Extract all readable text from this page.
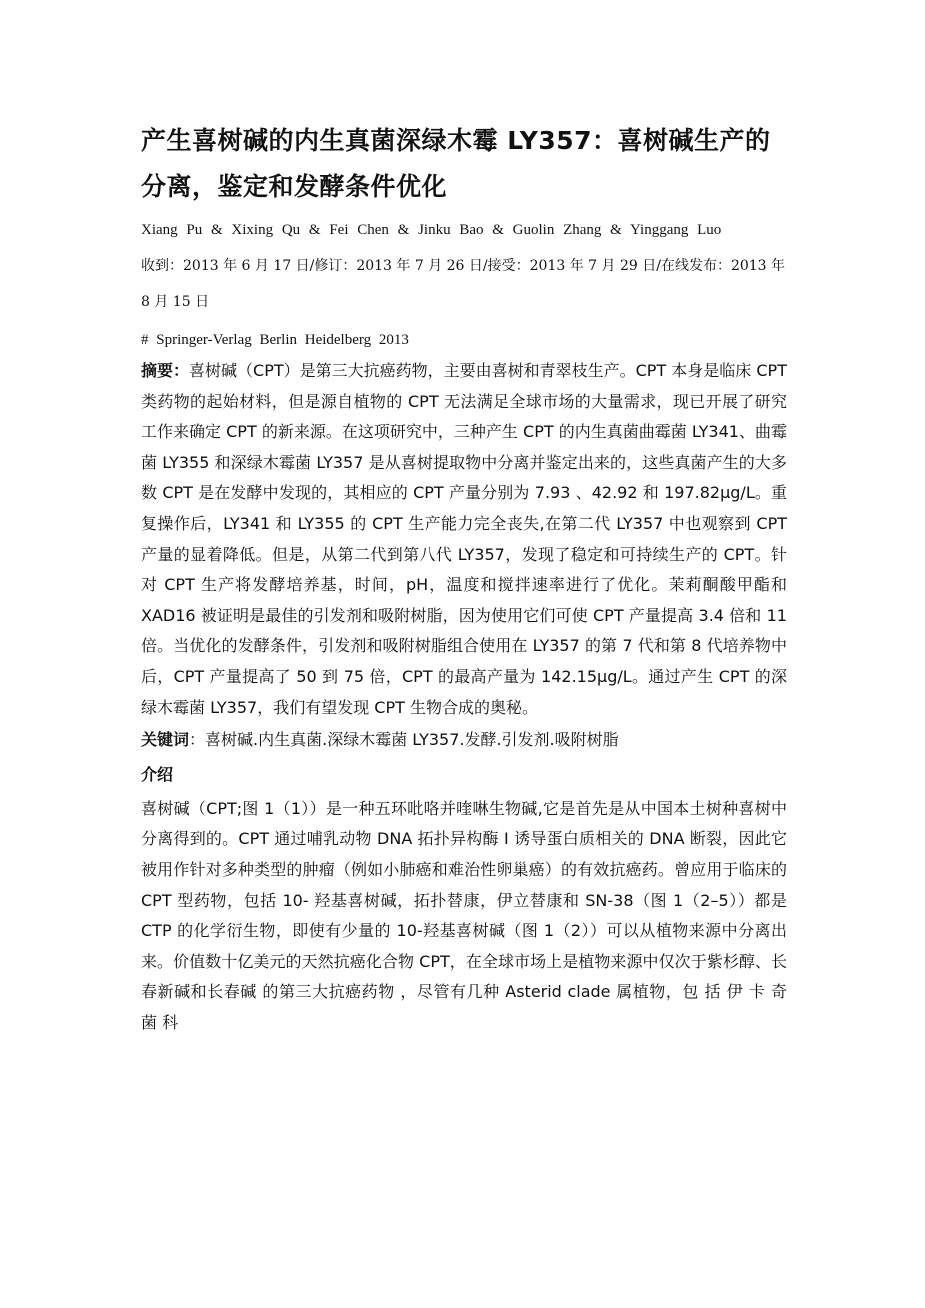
产生喜树碱的内生真菌深绿木霉 LY357：喜树碱生产的分离，鉴定和发酵条件优化
Xiang Pu & Xixing Qu & Fei Chen & Jinku Bao & Guolin Zhang & Yinggang Luo
收到：2013 年 6 月 17 日/修订：2013 年 7 月 26 日/接受：2013 年 7 月 29 日/在线发布：2013 年 8 月 15 日
# Springer-Verlag Berlin Heidelberg 2013

摘要：喜树碱（CPT）是第三大抗癌药物，主要由喜树和青翠枝生产。CPT 本身是临床 CPT 类药物的起始材料，但是源自植物的 CPT 无法满足全球市场的大量需求，现已开展了研究工作来确定 CPT 的新来源。在这项研究中，三种产生 CPT 的内生真菌曲霉菌 LY341、曲霉菌 LY355 和深绿木霉菌 LY357 是从喜树提取物中分离并鉴定出来的，这些真菌产生的大多数 CPT 是在发酵中发现的，其相应的 CPT 产量分别为 7.93 、42.92 和 197.82μg/L。重复操作后，LY341 和 LY355 的 CPT 生产能力完全丧失,在第二代 LY357 中也观察到 CPT 产量的显着降低。但是，从第二代到第八代 LY357，发现了稳定和可持续生产的 CPT。针对 CPT 生产将发酵培养基，时间，pH，温度和搅拌速率进行了优化。茉莉酮酸甲酯和 XAD16 被证明是最佳的引发剂和吸附树脂，因为使用它们可使 CPT 产量提高 3.4 倍和 11 倍。当优化的发酵条件，引发剂和吸附树脂组合使用在 LY357 的第 7 代和第 8 代培养物中后，CPT 产量提高了 50 到 75 倍，CPT 的最高产量为 142.15μg/L。通过产生 CPT 的深绿木霉菌 LY357，我们有望发现 CPT 生物合成的奥秘。

关键词：喜树碱.内生真菌.深绿木霉菌 LY357.发酵.引发剂.吸附树脂

介绍

喜树碱（CPT;图 1（1））是一种五环吡咯并喹啉生物碱,它是首先是从中国本土树种喜树中分离得到的。CPT 通过哺乳动物 DNA 拓扑异构酶 I 诱导蛋白质相关的 DNA 断裂，因此它被用作针对多种类型的肿瘤（例如小肺癌和难治性卵巢癌）的有效抗癌药。曾应用于临床的 CPT 型药物，包括 10- 羟基喜树碱，拓扑替康，伊立替康和 SN-38（图 1（2–5））都是 CTP 的化学衍生物，即使有少量的 10-羟基喜树碱（图 1（2））可以从植物来源中分离出来。价值数十亿美元的天然抗癌化合物 CPT，在全球市场上是植物来源中仅次于紫杉醇、长春新碱和长春碱 的第三大抗癌药物 ，尽管有几种 Asterid clade 属植物，包 括 伊 卡 奇 菌 科
